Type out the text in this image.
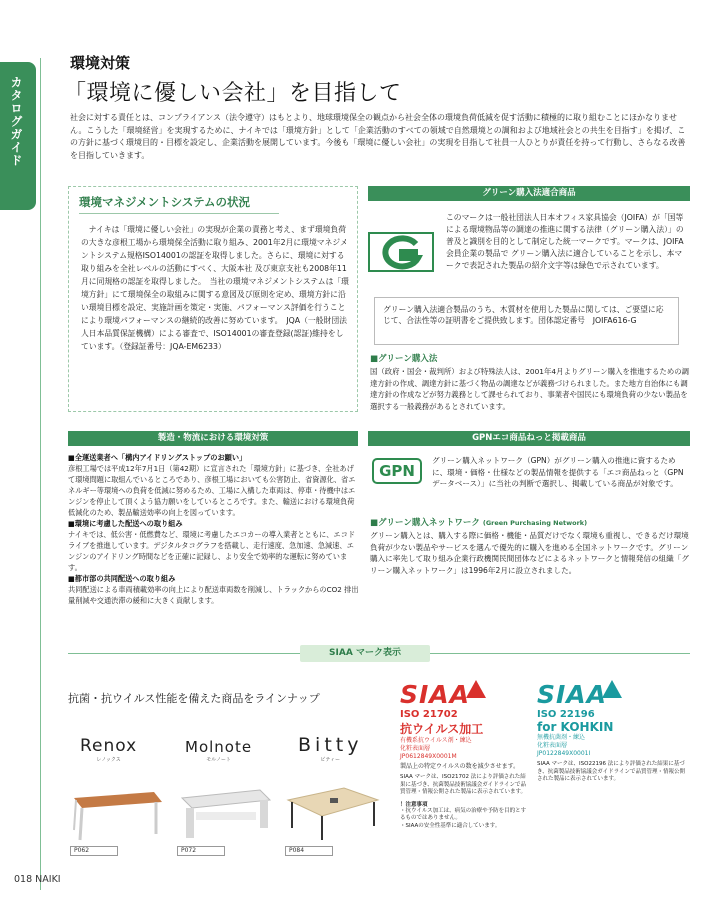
カタログガイド
環境対策
「環境に優しい会社」を目指して
社会に対する責任とは、コンプライアンス（法令遵守）はもとより、地球環境保全の観点から社会全体の環境負荷低減を促す活動に積極的に取り組むことにほかなりません。こうした「環境経営」を実現するために、ナイキでは「環境方針」として「企業活動のすべての領域で自然環境との調和および地域社会との共生を目指す」を掲げ、この方針に基づく環境目的・目標を設定し、企業活動を展開しています。今後も「環境に優しい会社」の実現を目指して社員一人ひとりが責任を持って行動し、さらなる改善を目指していきます。
環境マネジメントシステムの状況
　ナイキは「環境に優しい会社」の実現が企業の責務と考え、まず環境負荷の大きな彦根工場から環境保全活動に取り組み、2001年2月に環境マネジメントシステム規格ISO14001の認証を取得しました。さらに、環境に対する取り組みを全社レベルの活動にすべく、大阪本社 及び東京支社も2008年11月に同規格の認証を取得しました。　当社の環境マネジメントシステムは「環境方針」にて環境保全の取組みに関する意図及び原則を定め、環境方針に沿い環境目標を設定、実施計画を策定・実施、パフォーマンス評価を行うことにより環境パフォーマンスの継続的改善に努めています。　JQA（一般財団法人日本品質保証機構）による審査で、ISO14001の審査登録(認証)維持をしています。（登録証番号：JQA-EM6233）
グリーン購入法適合商品
このマークは一般社団法人日本オフィス家具協会（JOIFA）が「国等による環境物品等の調達の推進に関する法律（グリーン購入法）」の普及と識別を目的として制定した統一マークです。マークは、JOIFA 会員企業の製品で グリーン購入法に適合していることを示し、本マークで表記された製品の紹介文字等は緑色で示されています。
グリーン購入法適合製品のうち、木質材を使用した製品に関しては、ご要望に応じて、合法性等の証明書をご提供致します。団体認定番号　JOIFA616-G
■グリーン購入法
国（政府・国会・裁判所）および特殊法人は、2001年4月よりグリーン購入を推進するための調達方針の作成、調達方針に基づく物品の調達などが義務づけられました。また地方自治体にも調達方針の作成などが努力義務として課せられており、事業者や国民にも環境負荷の少ない製品を選択する一般義務があるとされています。
製造・物流における環境対策
■全運送業者へ「構内アイドリングストップのお願い」
彦根工場では平成12年7月1日（第42期）に宣言された「環境方針」に基づき、全社あげて環境問題に取組んでいるところであり、彦根工場においても公害防止、省資源化、省エネルギー等環境への負荷を低減に努めるため、工場に入構した車両は、停車・待機中はエンジンを停止して頂くよう協力願いをしているところです。また、輸送における環境負荷低減化のため、製品輸送効率の向上を図っています。
■環境に考慮した配送への取り組み
ナイキでは、低公害・低燃費など、環境に考慮したエコカーの導入業者とともに、エコドライブを推進しています。デジタルタコグラフを搭載し、走行速度、急加速、急減速、エンジンのアイドリング時間などを正確に記録し、より安全で効率的な運転に努めています。
■都市部の共同配送への取り組み
共同配送による車両積載効率の向上により配送車両数を削減し、トラックからのCO2 排出量削減や交通渋滞の緩和に大きく貢献します。
GPNエコ商品ねっと掲載商品
GPN
グリーン購入ネットワーク（GPN）がグリーン購入の推進に資するために、環境・価格・仕様などの製品情報を提供する「エコ商品ねっと（GPN データベース）」に当社の判断で選択し、掲載している商品が対象です。
■グリーン購入ネットワーク (Green Purchasing Network)
グリーン購入とは、購入する際に価格・機能・品質だけでなく環境も重視し、できるだけ環境負荷が少ない製品やサービスを選んで優先的に購入を進める全国ネットワークです。グリーン購入に率先して取り組み企業行政機関民間団体などによるネットワークと情報発信の組織「グリーン購入ネットワーク」は1996年2月に設立されました。
SIAA マーク表示
抗菌・抗ウイルス性能を備えた商品をラインナップ
Renox
レノックス
Molnote
モルノート
Bitty
ビティー
P062	P072	P084
SIAA
ISO 21702
抗ウイルス加工
有機系抗ウイルス剤・練込
化粧表面層
JP0612849X0001M
製品上の特定ウイルスの数を減少させます。
SIAA マークは、ISO21702 法により評価された結果に基づき、抗菌製品技術協議会ガイドラインで品質管理・情報公開された製品に表示されています。
！注意事項
・抗ウイルス加工は、病気の治療や予防を目的とするものではありません。
・SIAAの安全性基準に適合しています。
SIAA
ISO 22196
for KOHKIN
無機抗菌剤・練込
化粧表面層
JP0122849X0001I
SIAA マークは、ISO22196 法により評価された結果に基づき、抗菌製品技術協議会ガイドラインで品質管理・情報公開された製品に表示されています。
018 NAIKI
